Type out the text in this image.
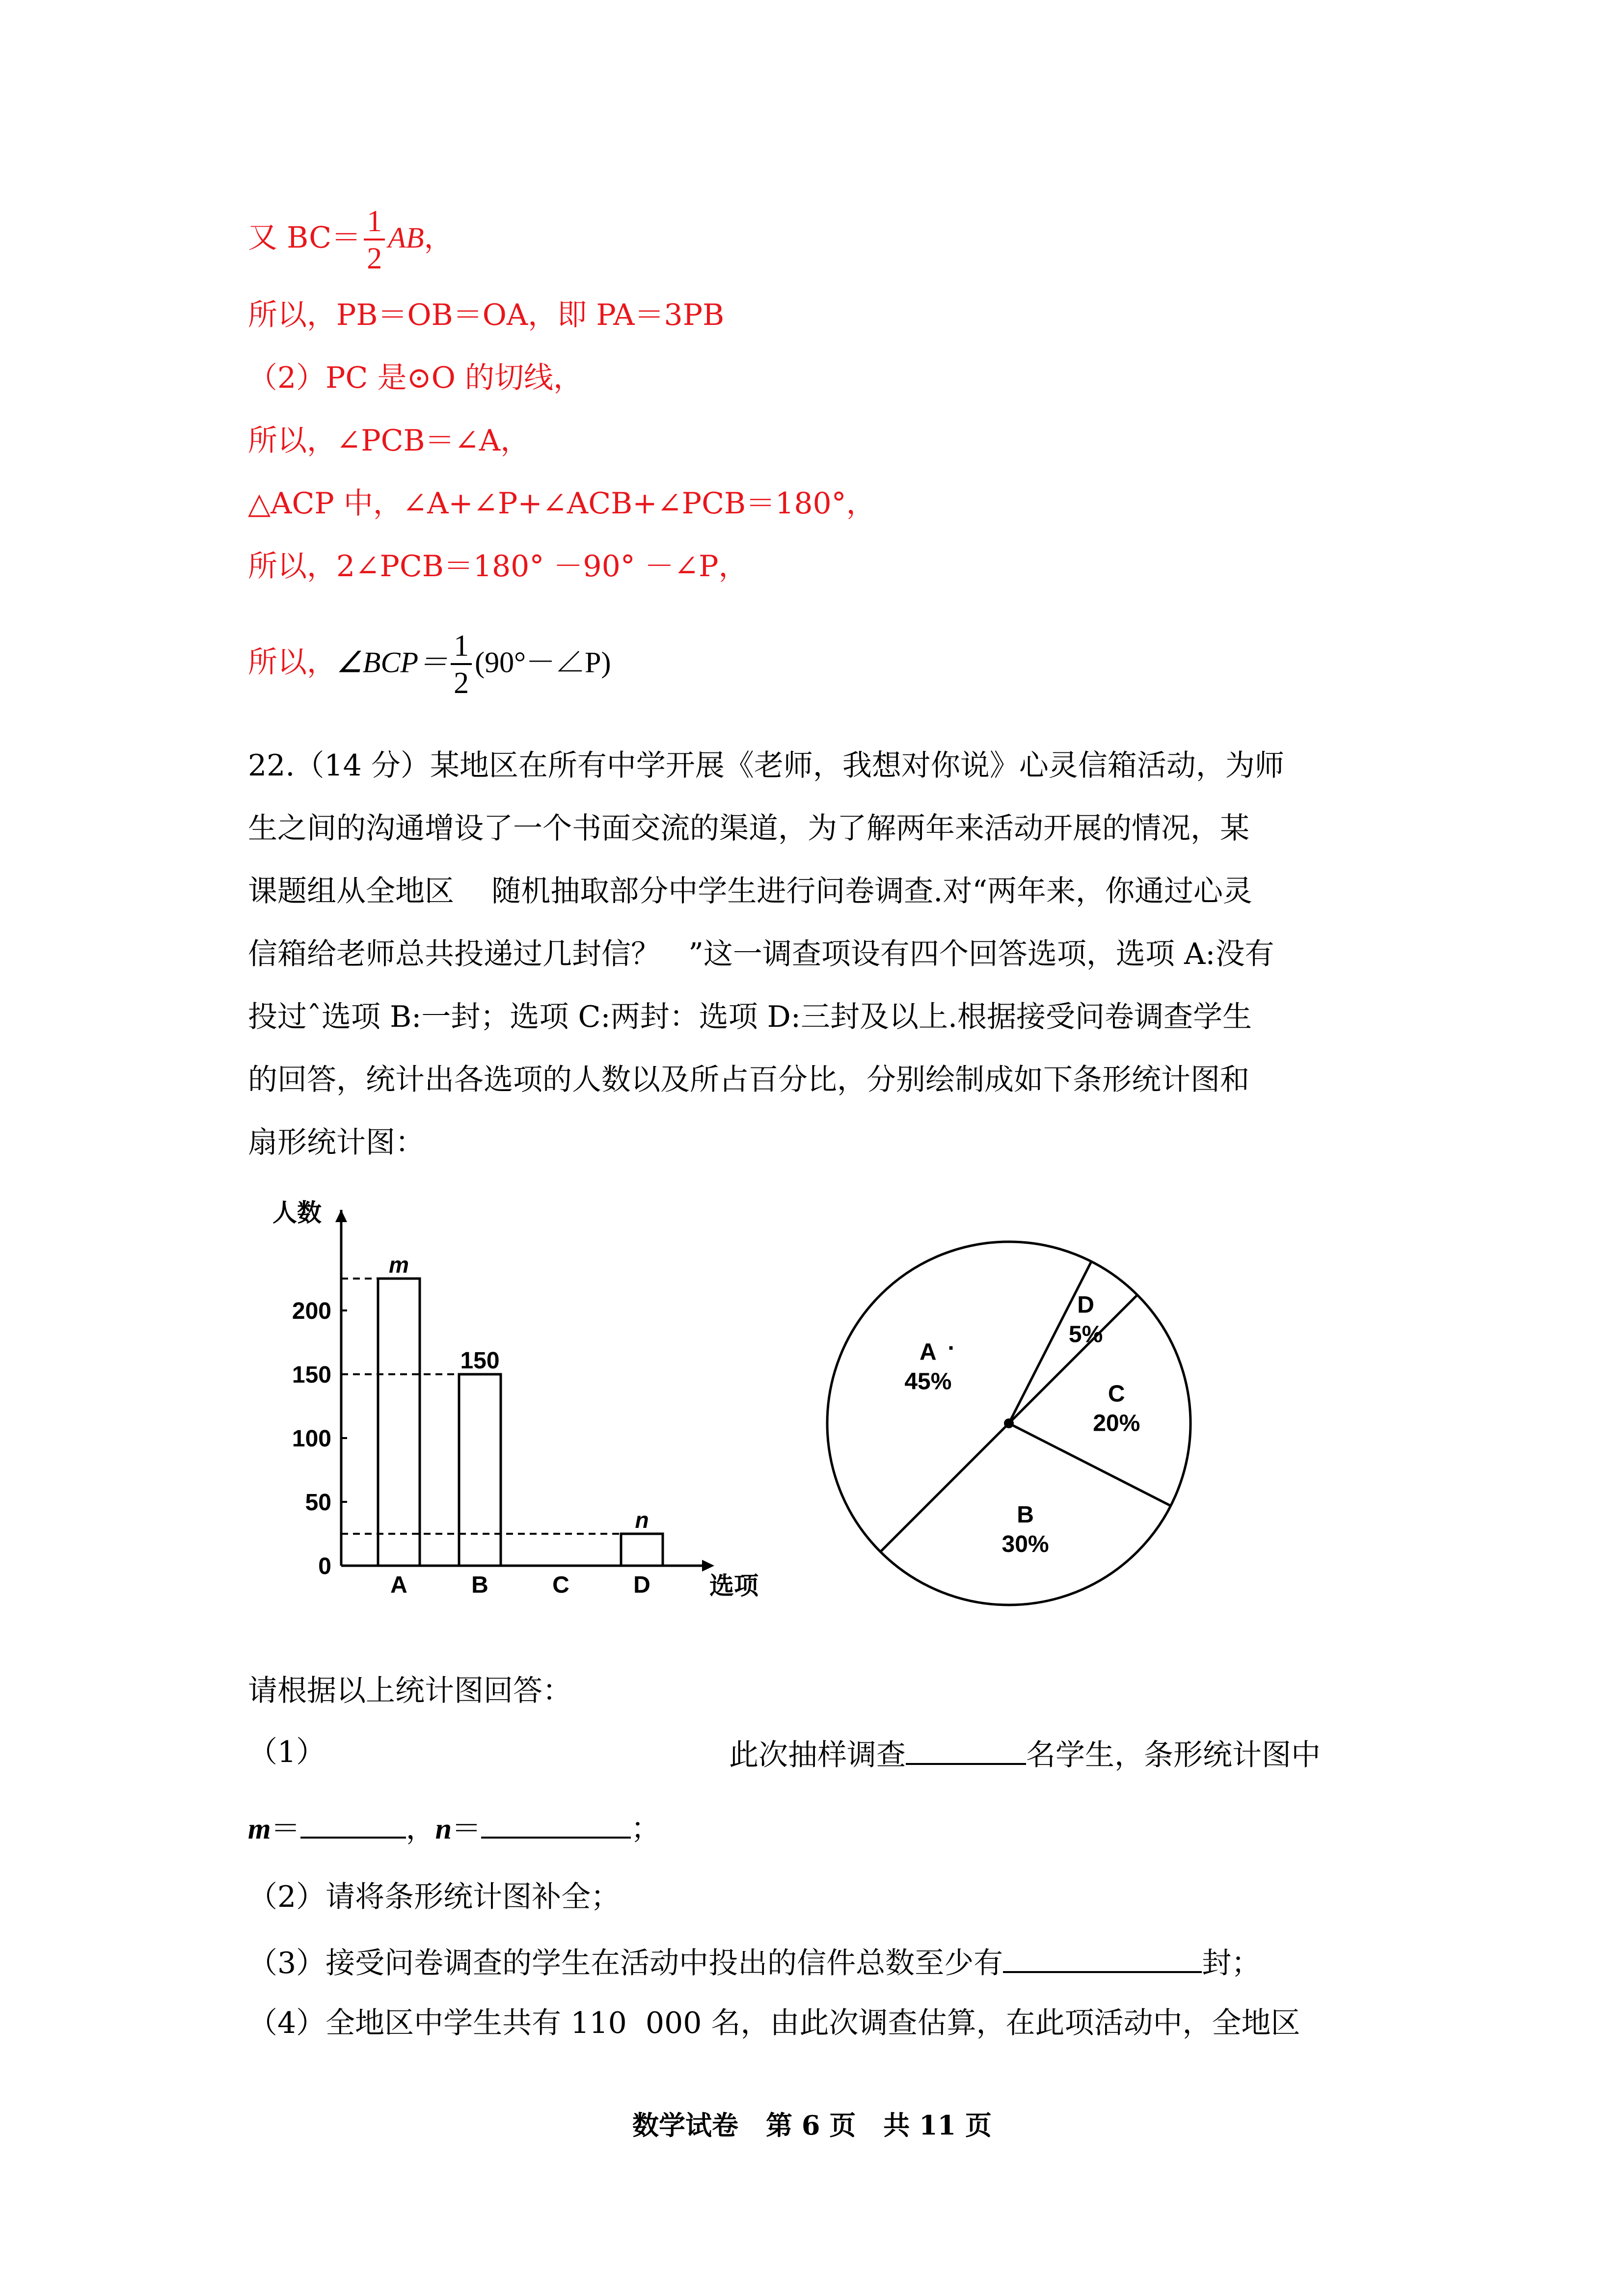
又 $BC= \frac{1}{2}$ AB，
所以，PB＝OB＝OA，即 PA＝3PB
（2）PC 是⊙O 的切线，
所以，∠PCB＝∠A，
△ACP 中，∠A+∠P+∠ACB+∠PCB＝180°，
所以，2∠PCB＝180° －90° －∠P，
所以，∠BCP＝ $\frac{1}{2}$ (90°－∠P)
22.（14 分）某地区在所有中学开展《老师，我想对你说》心灵信箱活动，为师
生之间的沟通增设了一个书面交流的渠道，为了解两年来活动开展的情况，某
课题组从全地区    随机抽取部分中学生进行问卷调查.对“两年来，你通过心灵
信箱给老师总共投递过几封信？   ”这一调查项设有四个回答选项，选项 A:没有
投过ˆ选项 B:一封；选项 C:两封：选项 D:三封及以上.根据接受问卷调查学生
的回答，统计出各选项的人数以及所占百分比，分别绘制成如下条形统计图和
扇形统计图：
0
50
100
150
200
A
m
B
150
C	D
n
人数
选项
D
5%
C
20%
B
30%
A
45%
·
请根据以上统计图回答：
（1）	此次抽样调查	名学生，条形统计图中
m＝	，n＝	；
（2）请将条形统计图补全；
（3）接受问卷调查的学生在活动中投出的信件总数至少有	封；
（4）全地区中学生共有 110  000 名，由此次调查估算，在此项活动中，全地区
数学试卷 第 6 页 共 11 页
